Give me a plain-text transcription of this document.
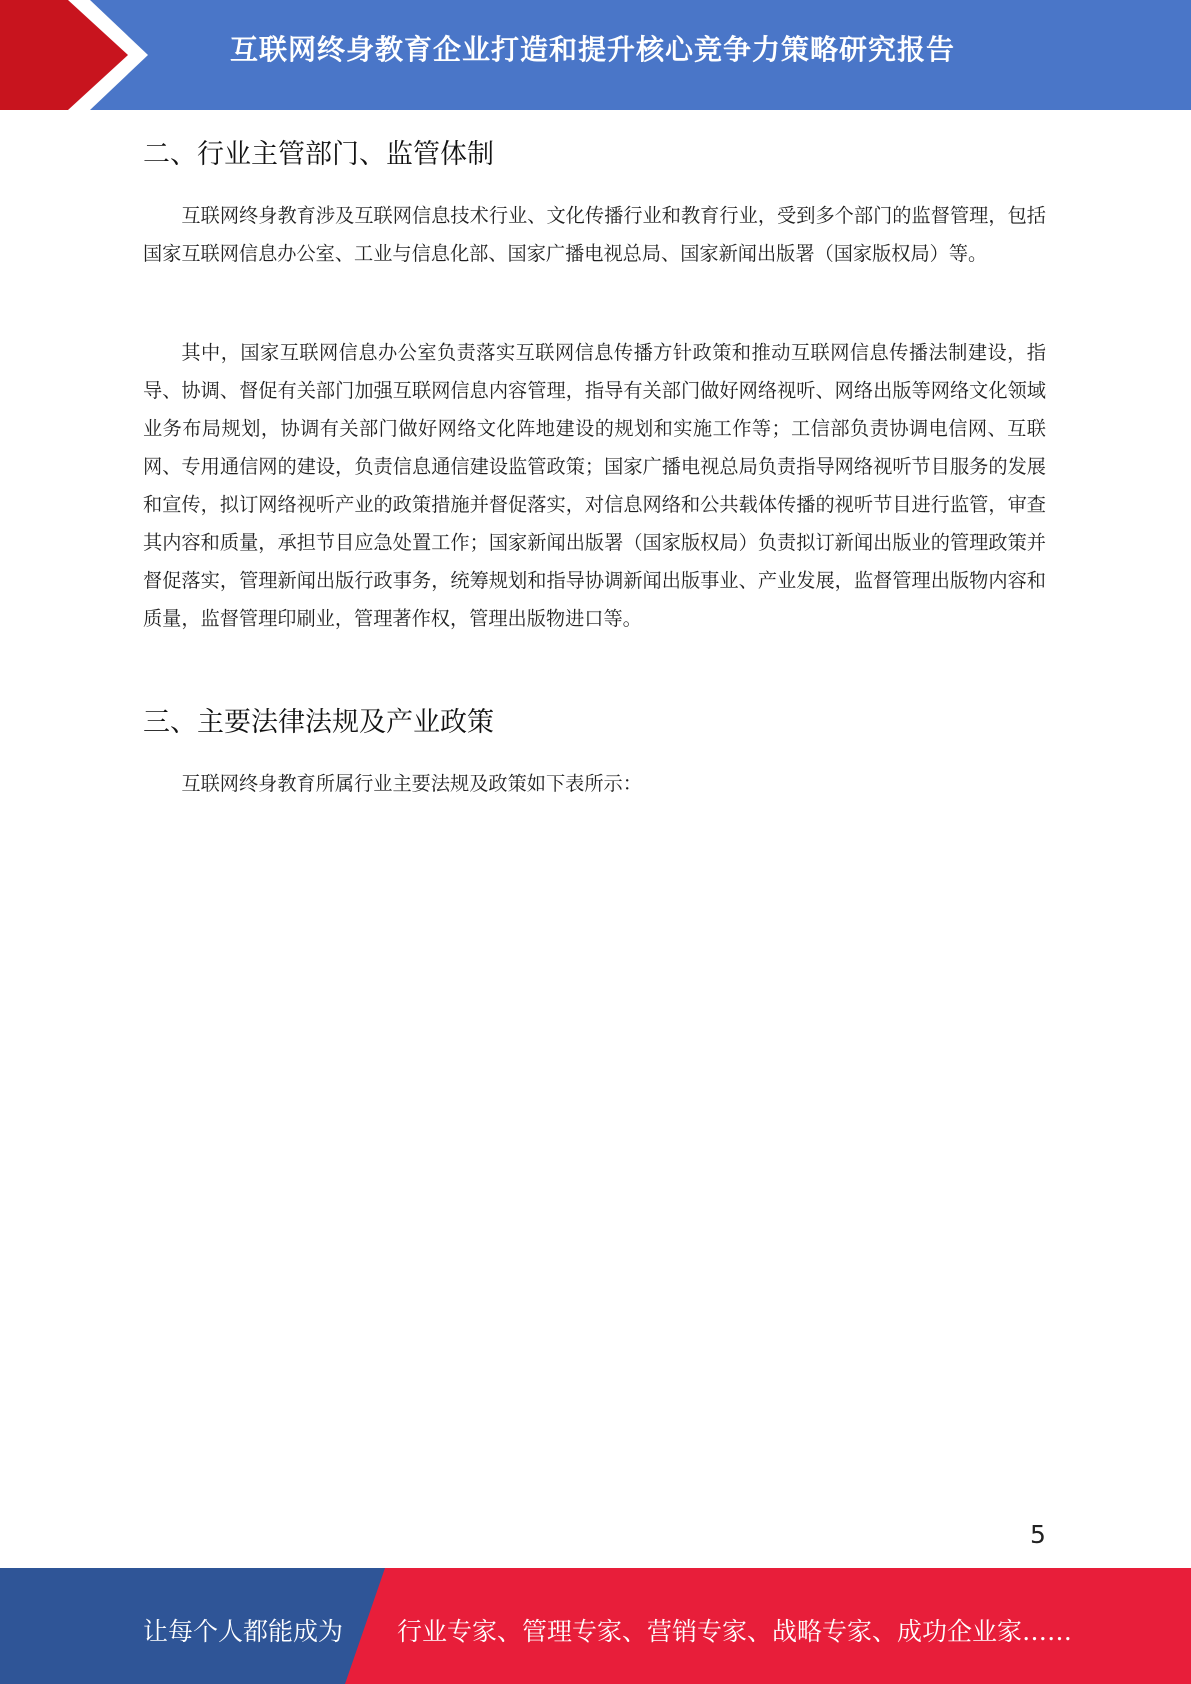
互联网终身教育企业打造和提升核心竞争力策略研究报告
二、行业主管部门、监管体制

互联网终身教育涉及互联网信息技术行业、文化传播行业和教育行业，受到多个部门的监督管理，包括国家互联网信息办公室、工业与信息化部、国家广播电视总局、国家新闻出版署（国家版权局）等。

其中，国家互联网信息办公室负责落实互联网信息传播方针政策和推动互联网信息传播法制建设，指导、协调、督促有关部门加强互联网信息内容管理，指导有关部门做好网络视听、网络出版等网络文化领域业务布局规划，协调有关部门做好网络文化阵地建设的规划和实施工作等；工信部负责协调电信网、互联网、专用通信网的建设，负责信息通信建设监管政策；国家广播电视总局负责指导网络视听节目服务的发展和宣传，拟订网络视听产业的政策措施并督促落实，对信息网络和公共载体传播的视听节目进行监管，审查其内容和质量，承担节目应急处置工作；国家新闻出版署（国家版权局）负责拟订新闻出版业的管理政策并督促落实，管理新闻出版行政事务，统筹规划和指导协调新闻出版事业、产业发展，监督管理出版物内容和质量，监督管理印刷业，管理著作权，管理出版物进口等。

三、主要法律法规及产业政策

互联网终身教育所属行业主要法规及政策如下表所示：

5
让每个人都能成为 行业专家、管理专家、营销专家、战略专家、成功企业家……
